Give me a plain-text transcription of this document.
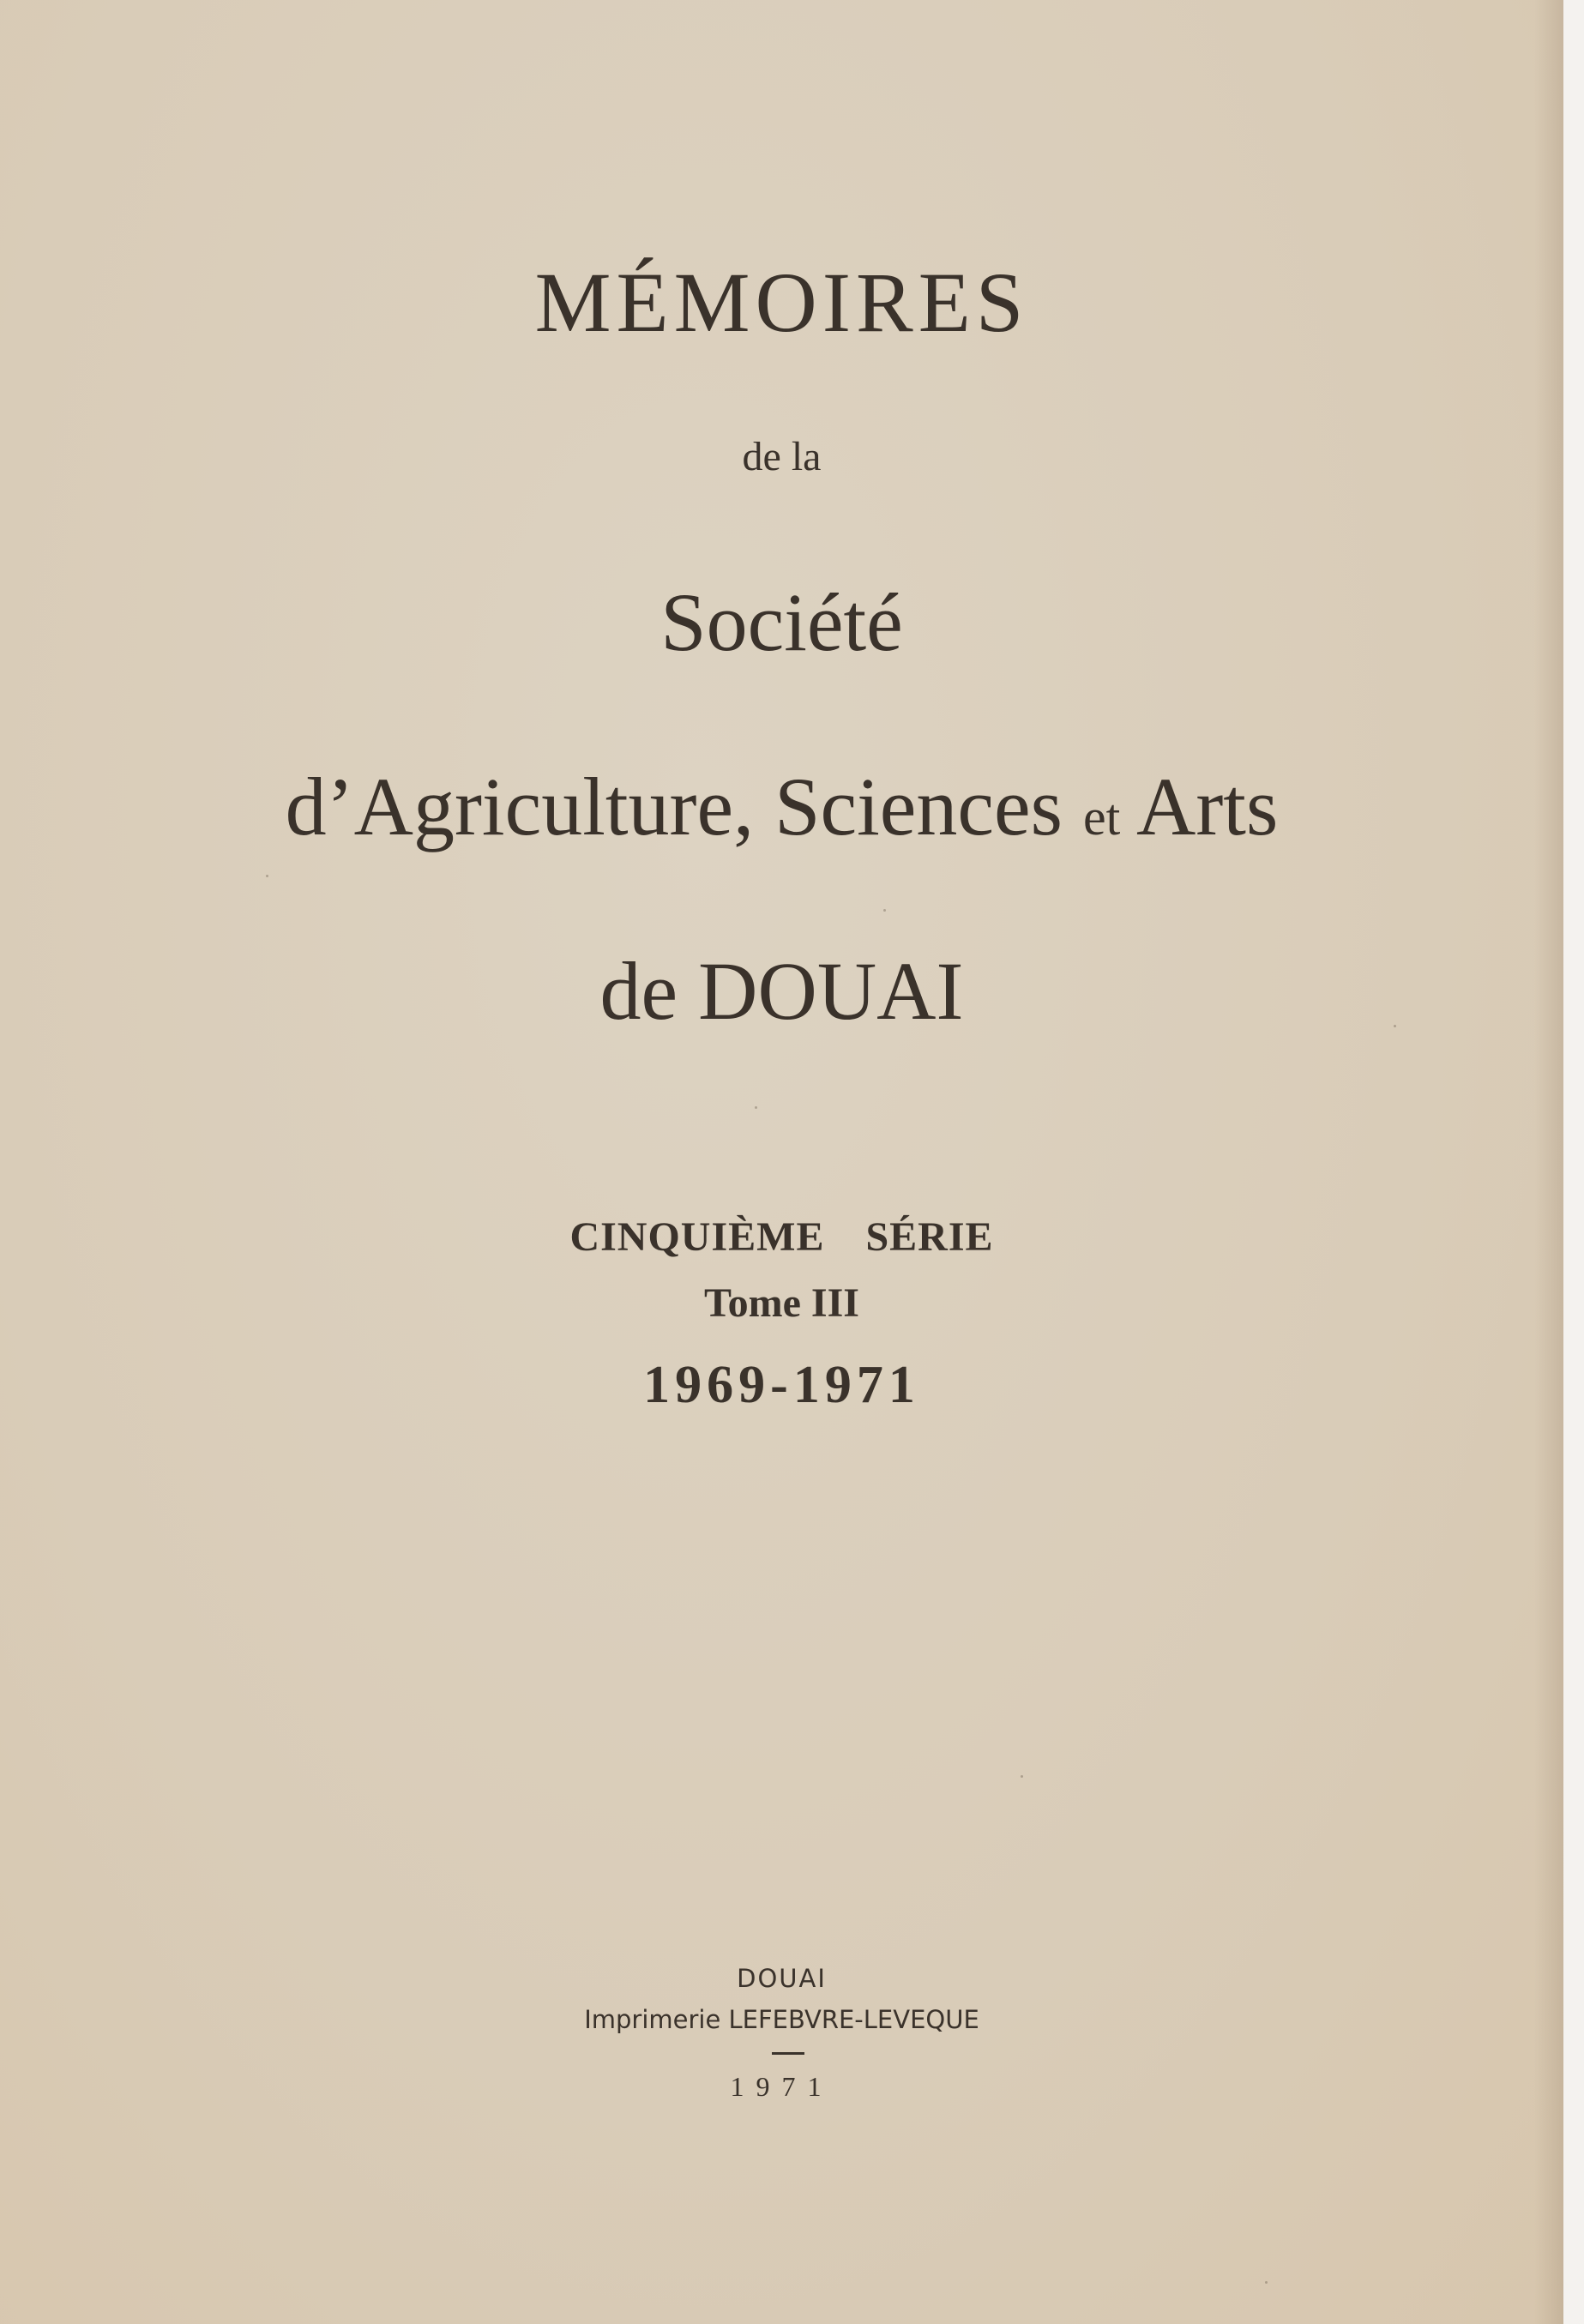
MÉMOIRES
de la
Société
d’Agriculture, Sciences et Arts
de DOUAI
CINQUIÈME SÉRIE
Tome III
1969-1971
DOUAI
Imprimerie LEFEBVRE-LEVEQUE
1971
